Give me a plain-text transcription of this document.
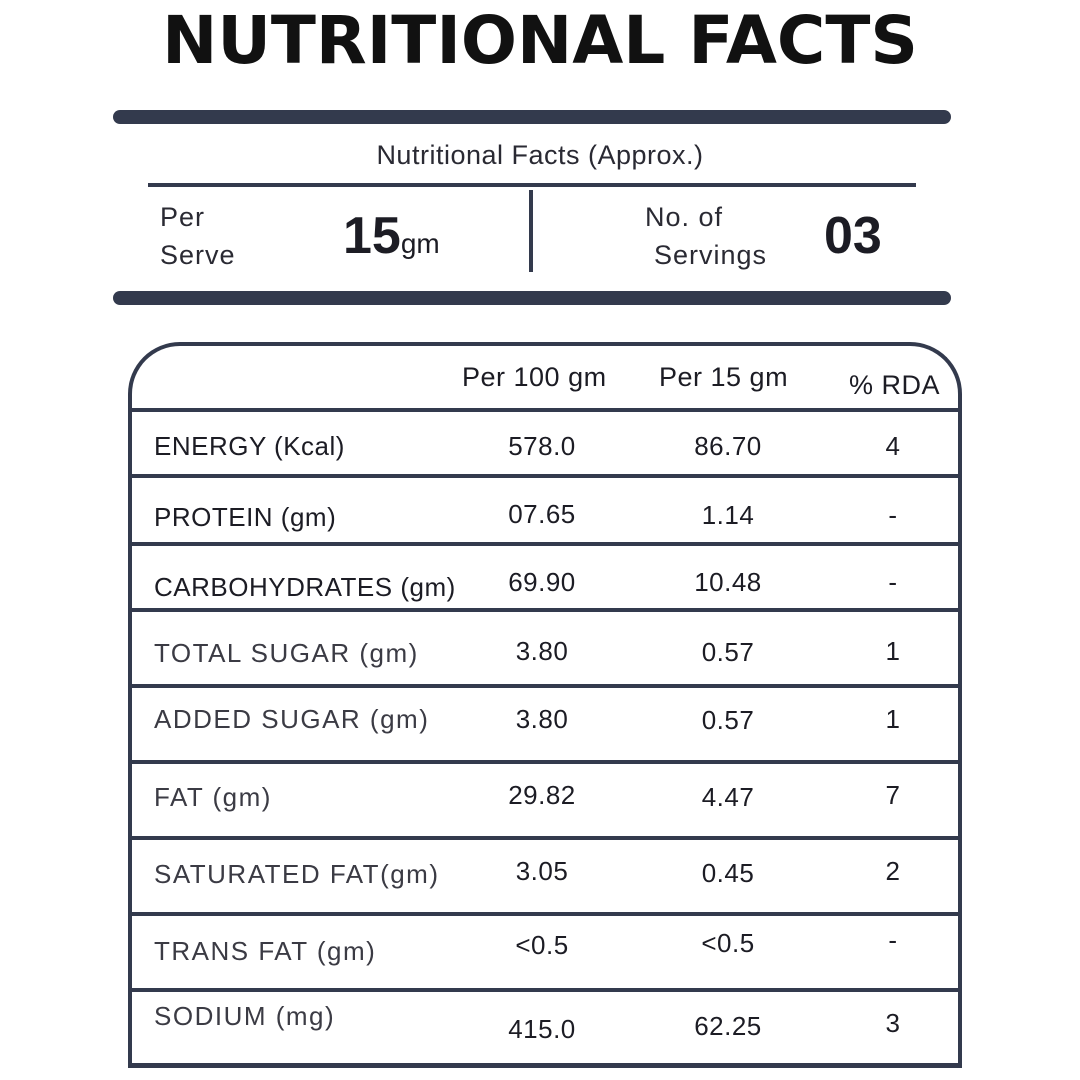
NUTRITIONAL FACTS
Nutritional Facts (Approx.)
Per
Serve 15gm
No. of
Servings 03
Per 100 gm Per 15 gm % RDA
ENERGY (Kcal)	578.0	86.70	4
PROTEIN (gm)	07.65	1.14	-
CARBOHYDRATES (gm) 69.90	10.48	-
TOTAL SUGAR (gm)	3.80	0.57	1
ADDED SUGAR (gm)	3.80	0.57	1
FAT (gm)	29.82	4.47	7
SATURATED FAT(gm)	3.05	0.45	2
TRANS FAT (gm)	<0.5	<0.5	-
SODIUM (mg)	415.0	62.25	3
